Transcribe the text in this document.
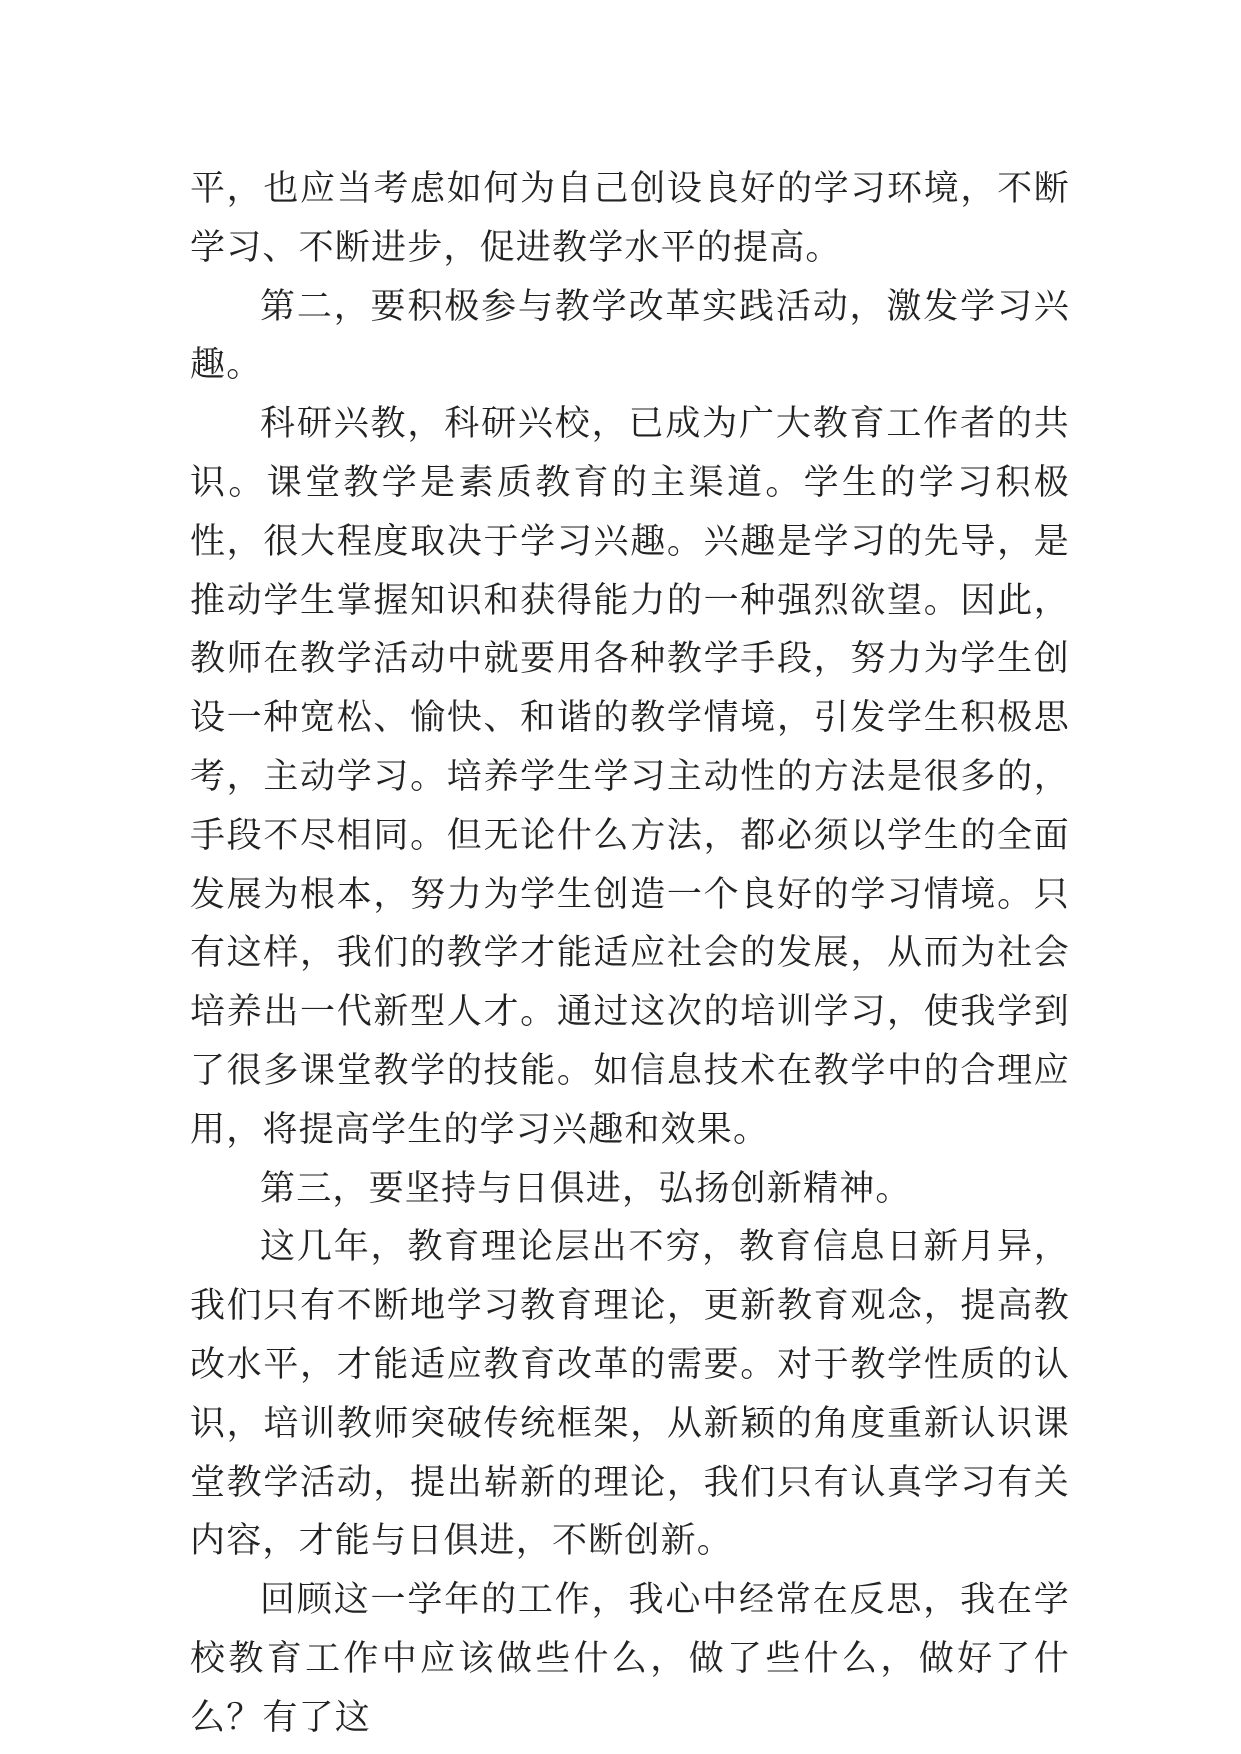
平，也应当考虑如何为自己创设良好的学习环境，不断学习、不断进步，促进教学水平的提高。

第二，要积极参与教学改革实践活动，激发学习兴趣。

科研兴教，科研兴校，已成为广大教育工作者的共识。课堂教学是素质教育的主渠道。学生的学习积极性，很大程度取决于学习兴趣。兴趣是学习的先导，是推动学生掌握知识和获得能力的一种强烈欲望。因此，教师在教学活动中就要用各种教学手段，努力为学生创设一种宽松、愉快、和谐的教学情境，引发学生积极思考，主动学习。培养学生学习主动性的方法是很多的，手段不尽相同。但无论什么方法，都必须以学生的全面发展为根本，努力为学生创造一个良好的学习情境。只有这样，我们的教学才能适应社会的发展，从而为社会培养出一代新型人才。通过这次的培训学习，使我学到了很多课堂教学的技能。如信息技术在教学中的合理应用，将提高学生的学习兴趣和效果。

第三，要坚持与日俱进，弘扬创新精神。

这几年，教育理论层出不穷，教育信息日新月异，我们只有不断地学习教育理论，更新教育观念，提高教改水平，才能适应教育改革的需要。对于教学性质的认识，培训教师突破传统框架，从新颖的角度重新认识课堂教学活动，提出崭新的理论，我们只有认真学习有关内容，才能与日俱进，不断创新。

回顾这一学年的工作，我心中经常在反思，我在学校教育工作中应该做些什么，做了些什么，做好了什么？有了这
